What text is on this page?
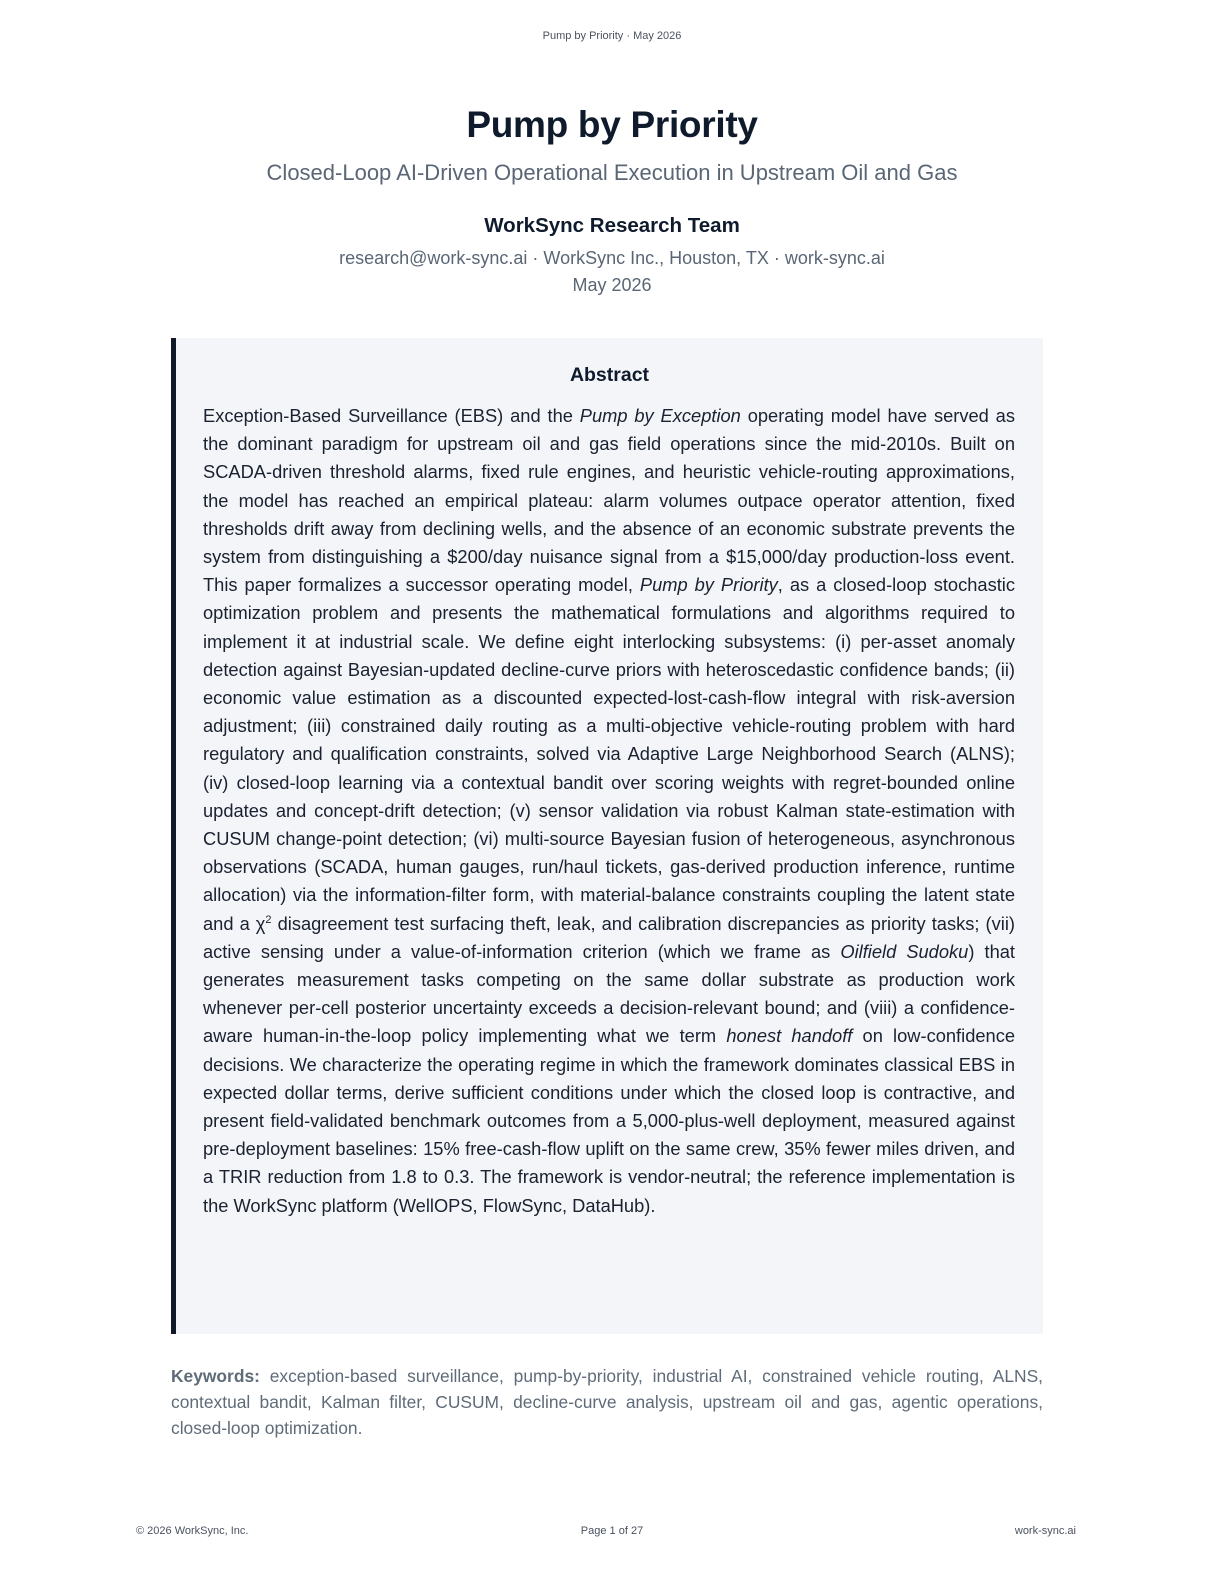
Pump by Priority · May 2026
Pump by Priority
Closed-Loop AI-Driven Operational Execution in Upstream Oil and Gas
WorkSync Research Team
research@work-sync.ai · WorkSync Inc., Houston, TX · work-sync.ai
May 2026
Abstract

Exception-Based Surveillance (EBS) and the Pump by Exception operating model have served as the dominant paradigm for upstream oil and gas field operations since the mid-2010s. Built on SCADA-driven threshold alarms, fixed rule engines, and heuristic vehicle-routing approximations, the model has reached an empirical plateau: alarm volumes outpace operator attention, fixed thresholds drift away from declining wells, and the absence of an economic substrate prevents the system from distinguishing a $200/day nuisance signal from a $15,000/day production-loss event. This paper formalizes a successor operating model, Pump by Priority, as a closed-loop stochastic optimization problem and presents the mathematical formulations and algorithms required to implement it at industrial scale. We define eight interlocking subsystems: (i) per-asset anomaly detection against Bayesian-updated decline-curve priors with heteroscedastic confidence bands; (ii) economic value estimation as a discounted expected-lost-cash-flow integral with risk-aversion adjustment; (iii) constrained daily routing as a multi-objective vehicle-routing problem with hard regulatory and qualification constraints, solved via Adaptive Large Neighborhood Search (ALNS); (iv) closed-loop learning via a contextual bandit over scoring weights with regret-bounded online updates and concept-drift detection; (v) sensor validation via robust Kalman state-estimation with CUSUM change-point detection; (vi) multi-source Bayesian fusion of heterogeneous, asynchronous observations (SCADA, human gauges, run/haul tickets, gas-derived production inference, runtime allocation) via the information-filter form, with material-balance constraints coupling the latent state and a $\chi^2$ disagreement test surfacing theft, leak, and calibration discrepancies as priority tasks; (vii) active sensing under a value-of-information criterion (which we frame as Oilfield Sudoku) that generates measurement tasks competing on the same dollar substrate as production work whenever per-cell posterior uncertainty exceeds a decision-relevant bound; and (viii) a confidence-aware human-in-the-loop policy implementing what we term honest handoff on low-confidence decisions. We characterize the operating regime in which the framework dominates classical EBS in expected dollar terms, derive sufficient conditions under which the closed loop is contractive, and present field-validated benchmark outcomes from a 5,000-plus-well deployment, measured against pre-deployment baselines: 15% free-cash-flow uplift on the same crew, 35% fewer miles driven, and a TRIR reduction from 1.8 to 0.3. The framework is vendor-neutral; the reference implementation is the WorkSync platform (WellOPS, FlowSync, DataHub).

Keywords: exception-based surveillance, pump-by-priority, industrial AI, constrained vehicle routing, ALNS, contextual bandit, Kalman filter, CUSUM, decline-curve analysis, upstream oil and gas, agentic operations, closed-loop optimization.

© 2026 WorkSync, Inc.	Page 1 of 27	work-sync.ai
